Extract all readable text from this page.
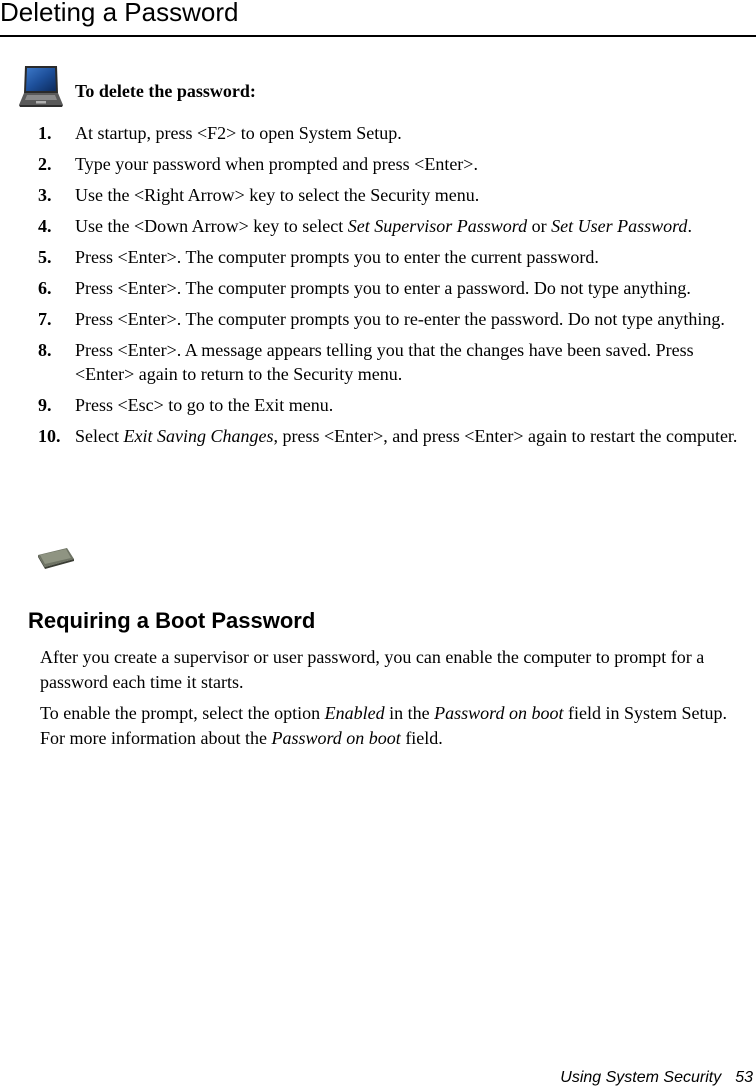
Deleting a Password
To delete the password:
1. At startup, press <F2> to open System Setup.
2. Type your password when prompted and press <Enter>.
3. Use the <Right Arrow> key to select the Security menu.
4. Use the <Down Arrow> key to select Set Supervisor Password or Set User Password.
5. Press <Enter>. The computer prompts you to enter the current password.
6. Press <Enter>. The computer prompts you to enter a password. Do not type anything.
7. Press <Enter>. The computer prompts you to re-enter the password. Do not type anything.
8. Press <Enter>. A message appears telling you that the changes have been saved. Press <Enter> again to return to the Security menu.
9. Press <Esc> to go to the Exit menu.
10. Select Exit Saving Changes, press <Enter>, and press <Enter> again to restart the computer.
Requiring a Boot Password

After you create a supervisor or user password, you can enable the computer to prompt for a password each time it starts.

To enable the prompt, select the option Enabled in the Password on boot field in System Setup. For more information about the Password on boot field.

Using System Security 53
